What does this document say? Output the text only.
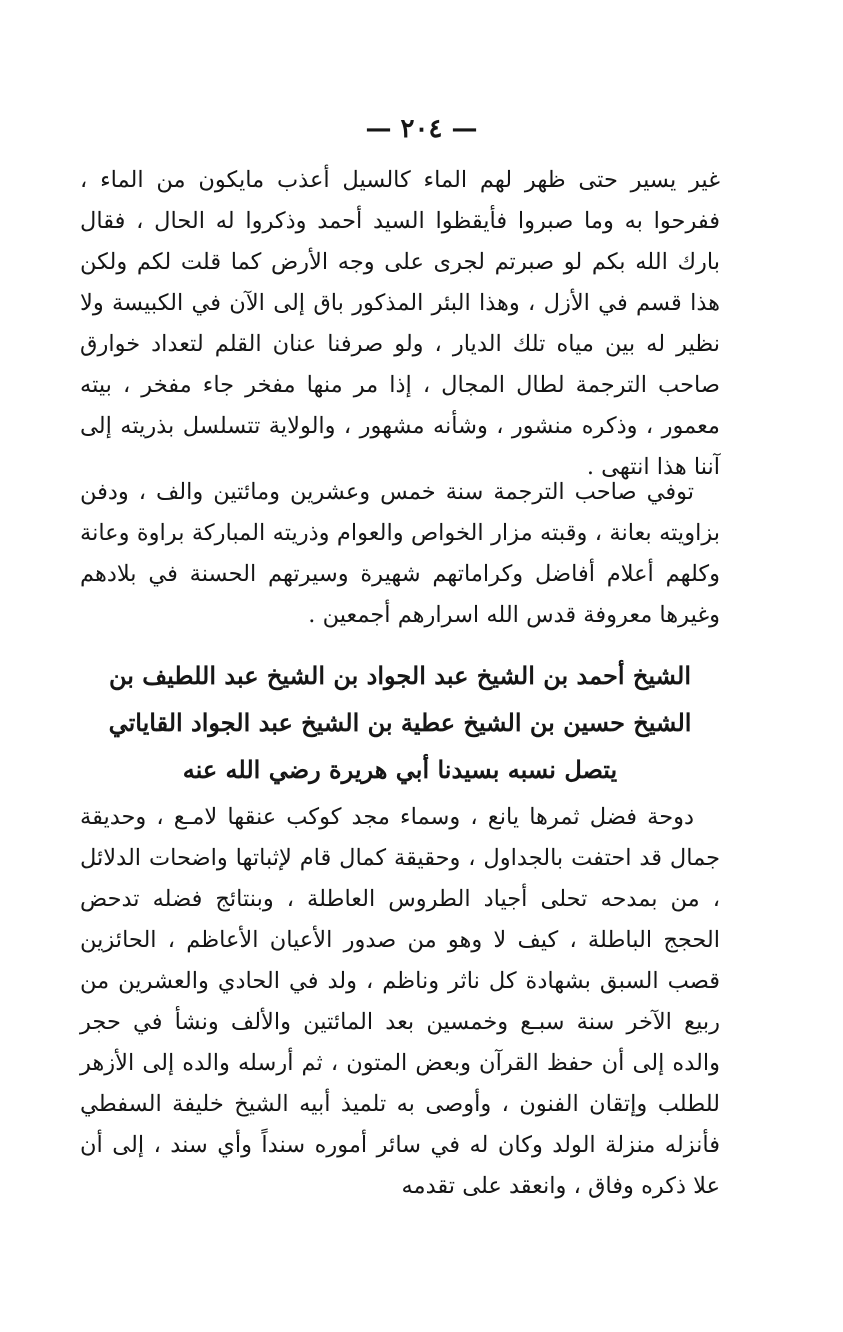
— ٢٠٤ —

غير يسير حتى ظهر لهم الماء كالسيل أعذب مايكون من الماء ، ففرحوا به وما صبروا فأيقظوا السيد أحمد وذكروا له الحال ، فقال بارك الله بكم لو صبرتم لجرى على وجه الأرض كما قلت لكم ولكن هذا قسم في الأزل ، وهذا البئر المذكور باق إلى الآن في الكبيسة ولا نظير له بين مياه تلك الديار ، ولو صرفنا عنان القلم لتعداد خوارق صاحب الترجمة لطال المجال ، إذا مر منها مفخر جاء مفخر ، بيته معمور ، وذكره منشور ، وشأنه مشهور ، والولاية تتسلسل بذريته إلى آننا هذا انتهى .

توفي صاحب الترجمة سنة خمس وعشرين ومائتين والف ، ودفن بزاويته بعانة ، وقبته مزار الخواص والعوام وذريته المباركة براوة وعانة وكلهم أعلام أفاضل وكراماتهم شهيرة وسيرتهم الحسنة في بلادهم وغيرها معروفة قدس الله اسرارهم أجمعين .

الشيخ أحمد بن الشيخ عبد الجواد بن الشيخ عبد اللطيف بن
الشيخ حسين بن الشيخ عطية بن الشيخ عبد الجواد القاياتي
يتصل نسبه بسيدنا أبي هريرة رضي الله عنه

دوحة فضل ثمرها يانع ، وسماء مجد كوكب عنقها لامـع ، وحديقة جمال قد احتفت بالجداول ، وحقيقة كمال قام لإثباتها واضحات الدلائل ، من بمدحه تحلى أجياد الطروس العاطلة ، وبنتائج فضله تدحض الحجج الباطلة ، كيف لا وهو من صدور الأعيان الأعاظم ، الحائزين قصب السبق بشهادة كل ناثر وناظم ، ولد في الحادي والعشرين من ربيع الآخر سنة سبـع وخمسين بعد المائتين والألف ونشأ في حجر والده إلى أن حفظ القرآن وبعض المتون ، ثم أرسله والده إلى الأزهر للطلب وإتقان الفنون ، وأوصى به تلميذ أبيه الشيخ خليفة السفطي فأنزله منزلة الولد وكان له في سائر أموره سنداً وأي سند ، إلى أن علا ذكره وفاق ، وانعقد على تقدمه
